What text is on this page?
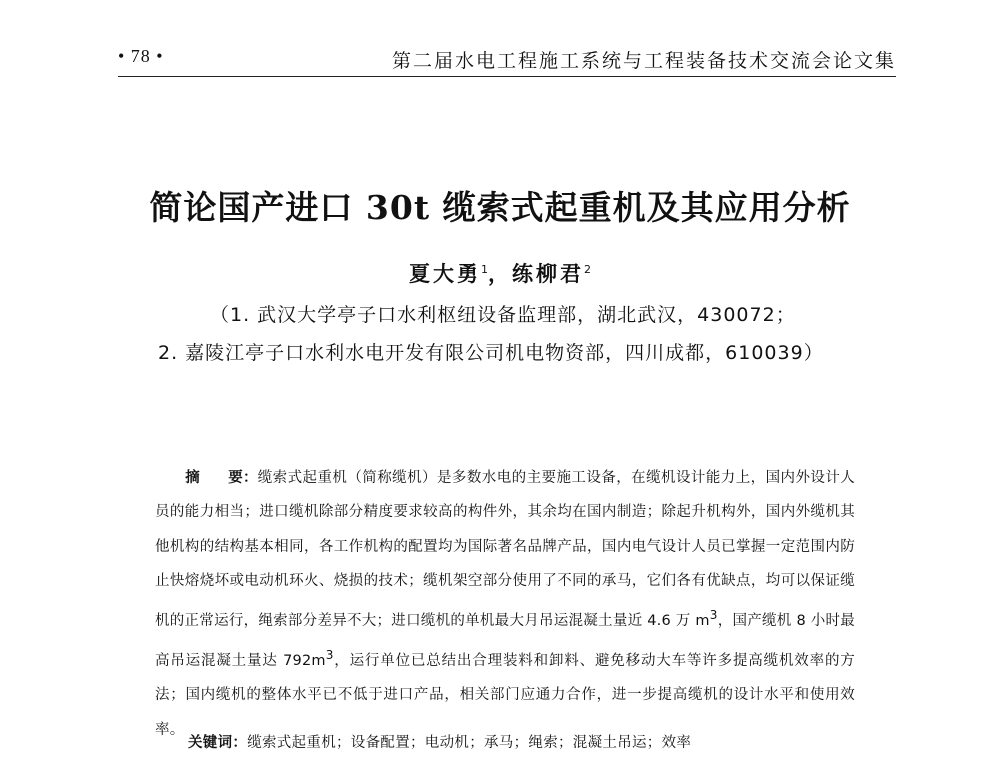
• 78 •	第二届水电工程施工系统与工程装备技术交流会论文集
简论国产进口 30t 缆索式起重机及其应用分析
夏大勇$^1$，练柳君$^2$
（1. 武汉大学亭子口水利枢纽设备监理部，湖北武汉，430072；
2. 嘉陵江亭子口水利水电开发有限公司机电物资部，四川成都，610039）
摘 要：缆索式起重机（简称缆机）是多数水电的主要施工设备，在缆机设计能力上，国内外设计人员的能力相当；进口缆机除部分精度要求较高的构件外，其余均在国内制造；除起升机构外，国内外缆机其他机构的结构基本相同，各工作机构的配置均为国际著名品牌产品，国内电气设计人员已掌握一定范围内防止快熔烧坏或电动机环火、烧损的技术；缆机架空部分使用了不同的承马，它们各有优缺点，均可以保证缆机的正常运行，绳索部分差异不大；进口缆机的单机最大月吊运混凝土量近 4.6 万 $m^3$，国产缆机 8 小时最高吊运混凝土量达 $792m^3$，运行单位已总结出合理装料和卸料、避免移动大车等许多提高缆机效率的方法；国内缆机的整体水平已不低于进口产品，相关部门应通力合作，进一步提高缆机的设计水平和使用效率。
关键词：缆索式起重机；设备配置；电动机；承马；绳索；混凝土吊运；效率
